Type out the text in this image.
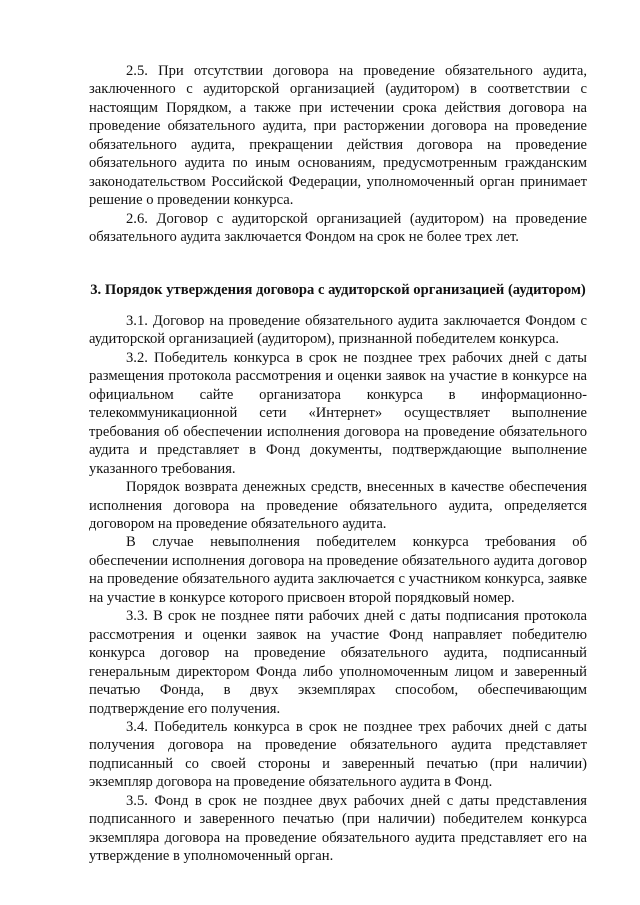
2.5. При отсутствии договора на проведение обязательного аудита, заключенного с аудиторской организацией (аудитором) в соответствии с настоящим Порядком, а также при истечении срока действия договора на проведение обязательного аудита, при расторжении договора на проведение обязательного аудита, прекращении действия договора на проведение обязательного аудита по иным основаниям, предусмотренным гражданским законодательством Российской Федерации, уполномоченный орган принимает решение о проведении конкурса.

2.6. Договор с аудиторской организацией (аудитором) на проведение обязательного аудита заключается Фондом на срок не более трех лет.

3. Порядок утверждения договора с аудиторской организацией (аудитором)

3.1. Договор на проведение обязательного аудита заключается Фондом с аудиторской организацией (аудитором), признанной победителем конкурса.

3.2. Победитель конкурса в срок не позднее трех рабочих дней с даты размещения протокола рассмотрения и оценки заявок на участие в конкурсе на официальном сайте организатора конкурса в информационно-телекоммуникационной сети «Интернет» осуществляет выполнение требования об обеспечении исполнения договора на проведение обязательного аудита и представляет в Фонд документы, подтверждающие выполнение указанного требования.

Порядок возврата денежных средств, внесенных в качестве обеспечения исполнения договора на проведение обязательного аудита, определяется договором на проведение обязательного аудита.

В случае невыполнения победителем конкурса требования об обеспечении исполнения договора на проведение обязательного аудита договор на проведение обязательного аудита заключается с участником конкурса, заявке на участие в конкурсе которого присвоен второй порядковый номер.

3.3. В срок не позднее пяти рабочих дней с даты подписания протокола рассмотрения и оценки заявок на участие Фонд направляет победителю конкурса договор на проведение обязательного аудита, подписанный генеральным директором Фонда либо уполномоченным лицом и заверенный печатью Фонда, в двух экземплярах способом, обеспечивающим подтверждение его получения.

3.4. Победитель конкурса в срок не позднее трех рабочих дней с даты получения договора на проведение обязательного аудита представляет подписанный со своей стороны и заверенный печатью (при наличии) экземпляр договора на проведение обязательного аудита в Фонд.

3.5. Фонд в срок не позднее двух рабочих дней с даты представления подписанного и заверенного печатью (при наличии) победителем конкурса экземпляра договора на проведение обязательного аудита представляет его на утверждение в уполномоченный орган.
